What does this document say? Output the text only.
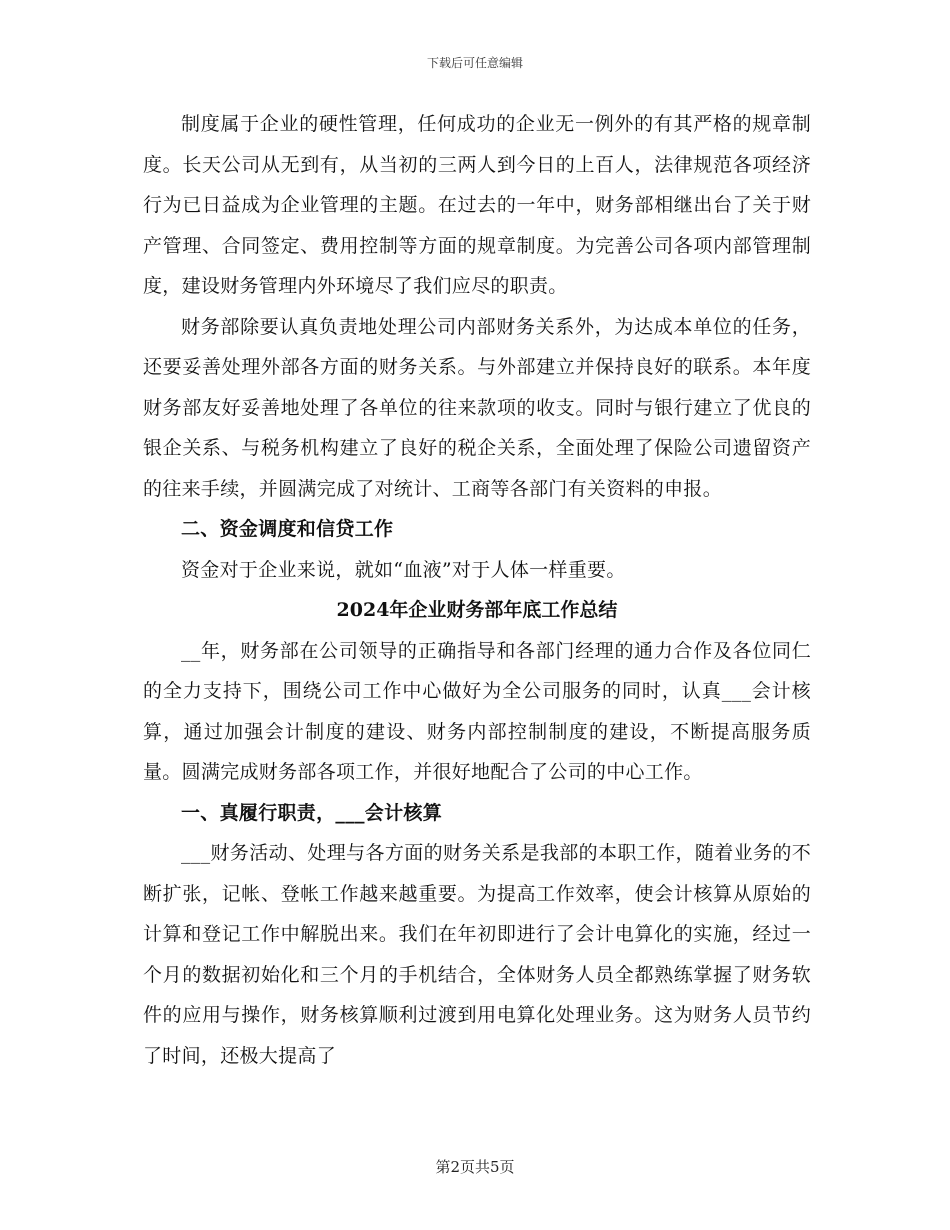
下载后可任意编辑

制度属于企业的硬性管理，任何成功的企业无一例外的有其严格的规章制度。长天公司从无到有，从当初的三两人到今日的上百人，法律规范各项经济行为已日益成为企业管理的主题。在过去的一年中，财务部相继出台了关于财产管理、合同签定、费用控制等方面的规章制度。为完善公司各项内部管理制度，建设财务管理内外环境尽了我们应尽的职责。

财务部除要认真负责地处理公司内部财务关系外，为达成本单位的任务，还要妥善处理外部各方面的财务关系。与外部建立并保持良好的联系。本年度财务部友好妥善地处理了各单位的往来款项的收支。同时与银行建立了优良的银企关系、与税务机构建立了良好的税企关系，全面处理了保险公司遗留资产的往来手续，并圆满完成了对统计、工商等各部门有关资料的申报。

二、资金调度和信贷工作

资金对于企业来说，就如“血液”对于人体一样重要。

2024年企业财务部年底工作总结

__年，财务部在公司领导的正确指导和各部门经理的通力合作及各位同仁的全力支持下，围绕公司工作中心做好为全公司服务的同时，认真___会计核算，通过加强会计制度的建设、财务内部控制制度的建设，不断提高服务质量。圆满完成财务部各项工作，并很好地配合了公司的中心工作。

一、真履行职责，___会计核算

___财务活动、处理与各方面的财务关系是我部的本职工作，随着业务的不断扩张，记帐、登帐工作越来越重要。为提高工作效率，使会计核算从原始的计算和登记工作中解脱出来。我们在年初即进行了会计电算化的实施，经过一个月的数据初始化和三个月的手机结合，全体财务人员全都熟练掌握了财务软件的应用与操作，财务核算顺利过渡到用电算化处理业务。这为财务人员节约了时间，还极大提高了

第2页共5页
